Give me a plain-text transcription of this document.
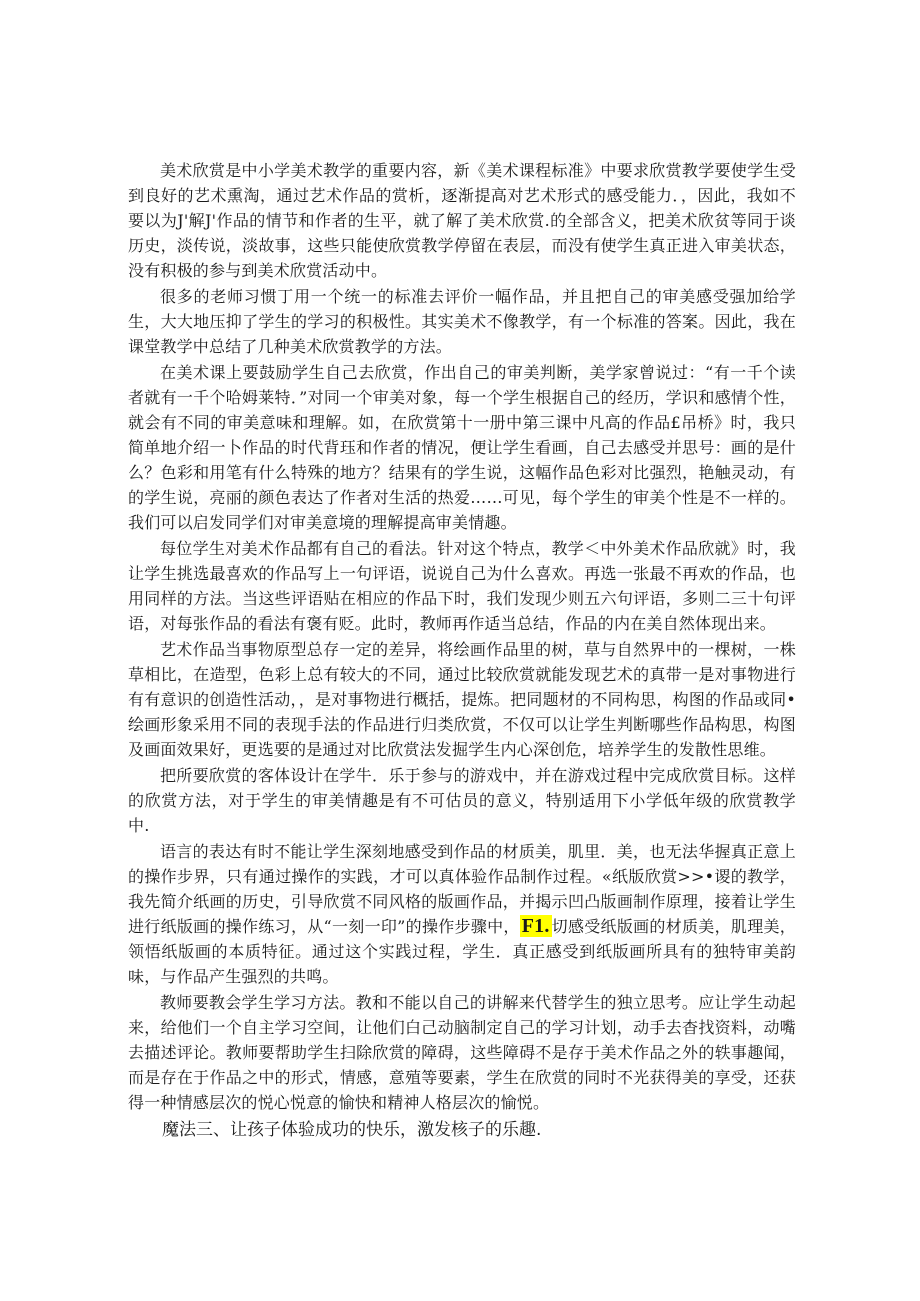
美术欣赏是中小学美术教学的重要内容，新《美术课程标准》中要求欣赏教学要使学生受到良好的艺术熏淘，通过艺术作品的赏析，逐渐提高对艺术形式的感受能力．，因此，我如不要以为J'解J'作品的情节和作者的生平，就了解了美术欣赏.的全部含义，把美术欣贫等同于谈历史，淡传说，淡故事，这些只能使欣赏教学停留在表层，而没有使学生真正进入审美状态，没有积极的参与到美术欣赏活动中。

很多的老师习惯丁用一个统一的标准去评价一幅作品，并且把自己的审美感受强加给学生，大大地压抑了学生的学习的积极性。其实美术不像教学，有一个标准的答案。因此，我在课堂教学中总结了几种美术欣赏教学的方法。

在美术课上要鼓励学生自己去欣赏，作出自己的审美判断，美学家曾说过：“有一千个读者就有一千个哈姆莱特．”对同一个审美对象，每一个学生根据自己的经历，学识和感情个性，就会有不同的审美意味和理解。如，在欣赏第十一册中第三课中凡高的作品£吊桥》时，我只简单地介绍一卜作品的时代背珏和作者的情况，便让学生看画，自己去感受并思号：画的是什么？色彩和用笔有什么特殊的地方？结果有的学生说，这幅作品色彩对比强烈，艳触灵动，有的学生说，亮丽的颜色表达了作者对生活的热爱……可见，每个学生的审美个性是不一样的。我们可以启发同学们对审美意境的理解提高审美情趣。

每位学生对美术作品都有自己的看法。针对这个特点，教学＜中外美术作品欣就》时，我让学生挑选最喜欢的作品写上一句评语，说说自己为什么喜欢。再选一张最不再欢的作品，也用同样的方法。当这些评语贴在相应的作品下时，我们发现少则五六句评语，多则二三十句评语，对每张作品的看法有褒有贬。此时，教师再作适当总结，作品的内在美自然体现出来。

艺术作品当事物原型总存一定的差异，将绘画作品里的树，草与自然界中的一棵树，一株草相比，在造型，色彩上总有较大的不同，通过比较欣赏就能发现艺术的真带一是对事物进行有有意识的创造性活动，，是对事物进行概括，提炼。把同题材的不同构思，构图的作品或同•绘画形象采用不同的表现手法的作品进行归类欣赏，不仅可以让学生判断哪些作品构思，构图及画面效果好，更选要的是通过对比欣赏法发掘学生内心深创危，培养学生的发散性思维。

把所要欣赏的客体设计在学牛．乐于参与的游戏中，并在游戏过程中完成欣赏目标。这样的欣赏方法，对于学生的审美情趣是有不可估员的意义，特别适用下小学低年级的欣赏教学中.

语言的表达有时不能让学生深刻地感受到作品的材质美，肌里．美，也无法华握真正意上的操作步界，只有通过操作的实践，才可以真体验作品制作过程。«纸版欣赏>>•谡的教学，我先简介纸画的历史，引导欣赏不同风格的版画作品，并揭示凹凸版画制作原理，接着让学生进行纸版画的操作练习，从“一刻一印”的操作步骤中， F1. 切感受纸版画的材质美，肌理美，领悟纸版画的本质特征。通过这个实践过程，学生．真正感受到纸版画所具有的独特审美韵味，与作品产生强烈的共鸣。

教师要教会学生学习方法。教和不能以自己的讲解来代替学生的独立思考。应让学生动起来，给他们一个自主学习空间，让他们白己动脑制定自己的学习计划，动手去杳找资料，动嘴去描述评论。教师要帮助学生扫除欣赏的障碍，这些障碍不是存于美术作品之外的轶事趣闻，而是存在于作品之中的形式，情感，意殖等要素，学生在欣赏的同时不光获得美的享受，还获得一种情感层次的悦心悦意的愉快和精神人格层次的愉悦。

魔法三、让孩子体验成功的快乐，激发核子的乐趣.
